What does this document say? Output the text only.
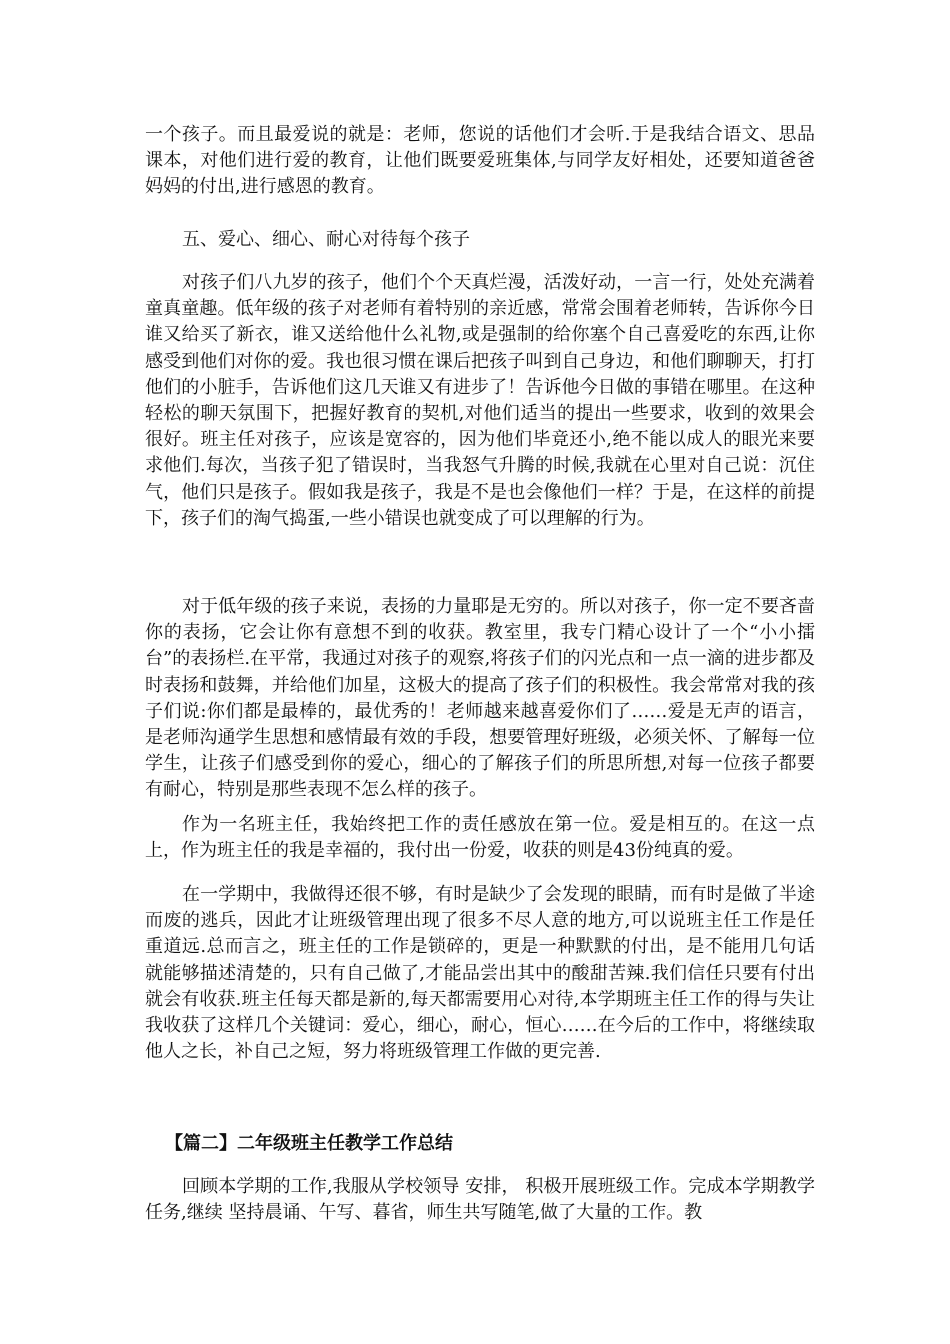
一个孩子。而且最爱说的就是：老师，您说的话他们才会听.于是我结合语文、思品课本，对他们进行爱的教育，让他们既要爱班集体,与同学友好相处，还要知道爸爸妈妈的付出,进行感恩的教育。

五、爱心、细心、耐心对待每个孩子

对孩子们八九岁的孩子，他们个个天真烂漫，活泼好动，一言一行，处处充满着童真童趣。低年级的孩子对老师有着特别的亲近感，常常会围着老师转，告诉你今日谁又给买了新衣，谁又送给他什么礼物,或是强制的给你塞个自己喜爱吃的东西,让你感受到他们对你的爱。我也很习惯在课后把孩子叫到自己身边，和他们聊聊天，打打他们的小脏手，告诉他们这几天谁又有进步了！告诉他今日做的事错在哪里。在这种轻松的聊天氛围下，把握好教育的契机,对他们适当的提出一些要求，收到的效果会很好。班主任对孩子，应该是宽容的，因为他们毕竟还小,绝不能以成人的眼光来要求他们.每次，当孩子犯了错误时，当我怒气升腾的时候,我就在心里对自己说：沉住气，他们只是孩子。假如我是孩子，我是不是也会像他们一样？于是，在这样的前提下，孩子们的淘气捣蛋,一些小错误也就变成了可以理解的行为。

对于低年级的孩子来说，表扬的力量耶是无穷的。所以对孩子，你一定不要吝啬你的表扬，它会让你有意想不到的收获。教室里，我专门精心设计了一个“小小擂台”的表扬栏.在平常，我通过对孩子的观察,将孩子们的闪光点和一点一滴的进步都及时表扬和鼓舞，并给他们加星，这极大的提高了孩子们的积极性。我会常常对我的孩子们说:你们都是最棒的，最优秀的！老师越来越喜爱你们了……爱是无声的语言，是老师沟通学生思想和感情最有效的手段，想要管理好班级，必须关怀、了解每一位学生，让孩子们感受到你的爱心，细心的了解孩子们的所思所想,对每一位孩子都要有耐心，特别是那些表现不怎么样的孩子。

作为一名班主任，我始终把工作的责任感放在第一位。爱是相互的。在这一点上，作为班主任的我是幸福的，我付出一份爱，收获的则是43份纯真的爱。

在一学期中，我做得还很不够，有时是缺少了会发现的眼睛，而有时是做了半途而废的逃兵，因此才让班级管理出现了很多不尽人意的地方,可以说班主任工作是任重道远.总而言之，班主任的工作是锁碎的，更是一种默默的付出，是不能用几句话就能够描述清楚的，只有自己做了,才能品尝出其中的酸甜苦辣.我们信任只要有付出就会有收获.班主任每天都是新的,每天都需要用心对待,本学期班主任工作的得与失让我收获了这样几个关键词：爱心，细心，耐心，恒心……在今后的工作中，将继续取他人之长，补自己之短，努力将班级管理工作做的更完善.

【篇二】二年级班主任教学工作总结

回顾本学期的工作,我服从学校领导 安排， 积极开展班级工作。完成本学期教学任务,继续 坚持晨诵、午写、暮省，师生共写随笔,做了大量的工作。教
